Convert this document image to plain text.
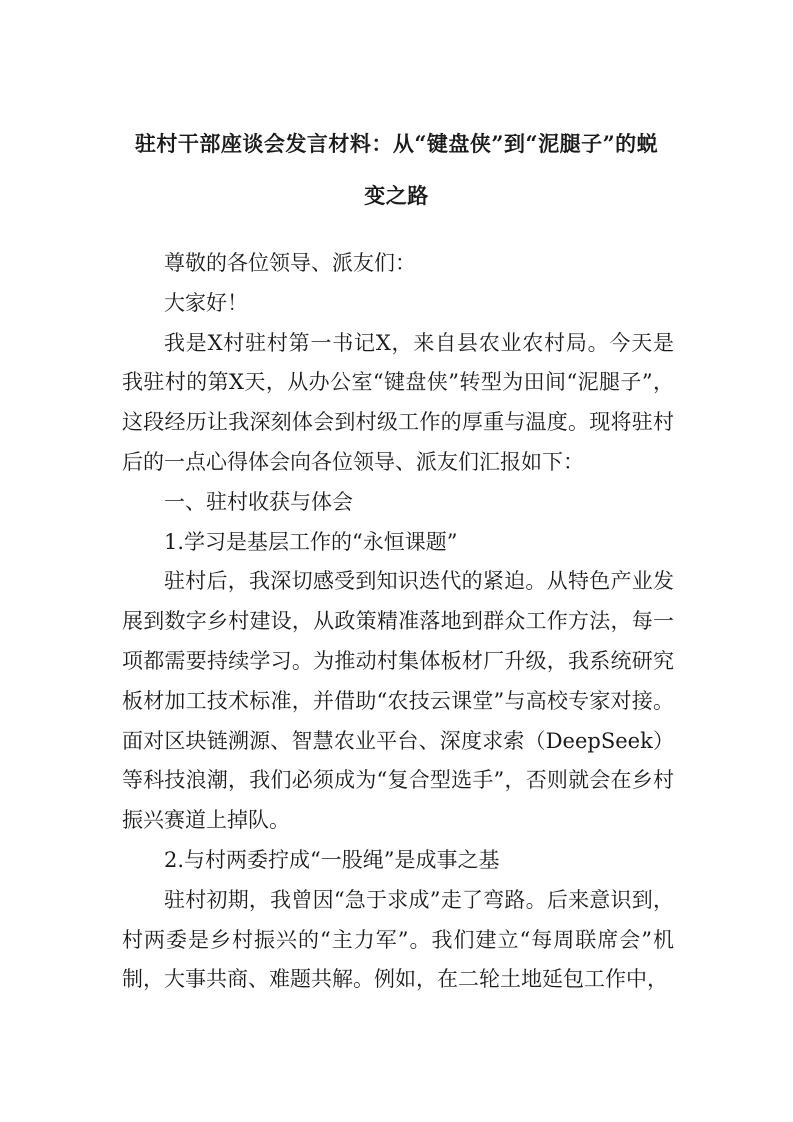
驻村干部座谈会发言材料：从“键盘侠”到“泥腿子”的蜕
变之路

尊敬的各位领导、派友们：

大家好！

我是X村驻村第一书记X，来自县农业农村局。今天是我驻村的第X天，从办公室“键盘侠”转型为田间“泥腿子”，这段经历让我深刻体会到村级工作的厚重与温度。现将驻村后的一点心得体会向各位领导、派友们汇报如下：

一、驻村收获与体会

1.学习是基层工作的“永恒课题”

驻村后，我深切感受到知识迭代的紧迫。从特色产业发展到数字乡村建设，从政策精准落地到群众工作方法，每一项都需要持续学习。为推动村集体板材厂升级，我系统研究板材加工技术标准，并借助“农技云课堂”与高校专家对接。面对区块链溯源、智慧农业平台、深度求索（DeepSeek）等科技浪潮，我们必须成为“复合型选手”，否则就会在乡村振兴赛道上掉队。

2.与村两委拧成“一股绳”是成事之基

驻村初期，我曾因“急于求成”走了弯路。后来意识到，村两委是乡村振兴的“主力军”。我们建立“每周联席会”机制，大事共商、难题共解。例如，在二轮土地延包工作中，
